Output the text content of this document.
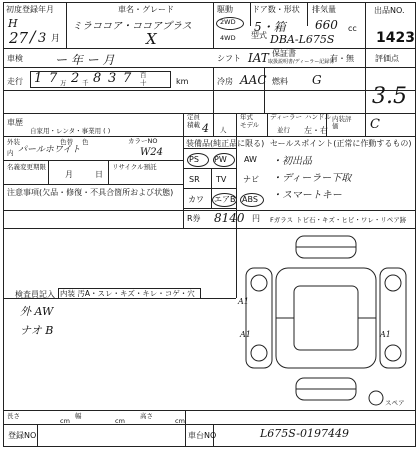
初度登録年月
H
27 / 3 月
車名・グレード
ミラココア・ココアプラス
X
駆動
2WD
4WD
ドア数・形状
5・箱
排気量
660 cc
型式 DBA-L675S
出品NO.
1423
車検	ー 年 ー 月	シフト IAT 保証書
取扱説明書/ディーラー記録簿
有・無	評価点
走行 1 7 万 2 千 8 3 7 百
十	km	冷房 AAC 燃料 G
3.5
車歴
自家用・レンタ・事業用 ( )
定員
積載 4 人
年式
モデル
ディーラー
並行
ハンドル
左・右
内装評価	C
外装
内 パールホワイト
色替 色	カラーNO
W24
名義変更期限
月	日
リサイクル預託
注意事項(欠品・修復・不具合箇所および状態)
装備品(純正品に限る)
PS PW AW
SR TV ナビ
カワ エアB ABS
R券 8140 円
セールスポイント(正常に作動するもの)
・初出品
・ディーラー下取
・スマートキー
Fガラス トビ石・キズ・ヒビ・ワレ・リペア跡
検査員記入 内装 汚A・スレ・キズ・キレ・コゲ・穴
外 AW
ナオ B
A1
A1	A1
スペア
長さ
cm
幅
cm
高さ
cm
登録NO	車台NO	L675S-0197449
